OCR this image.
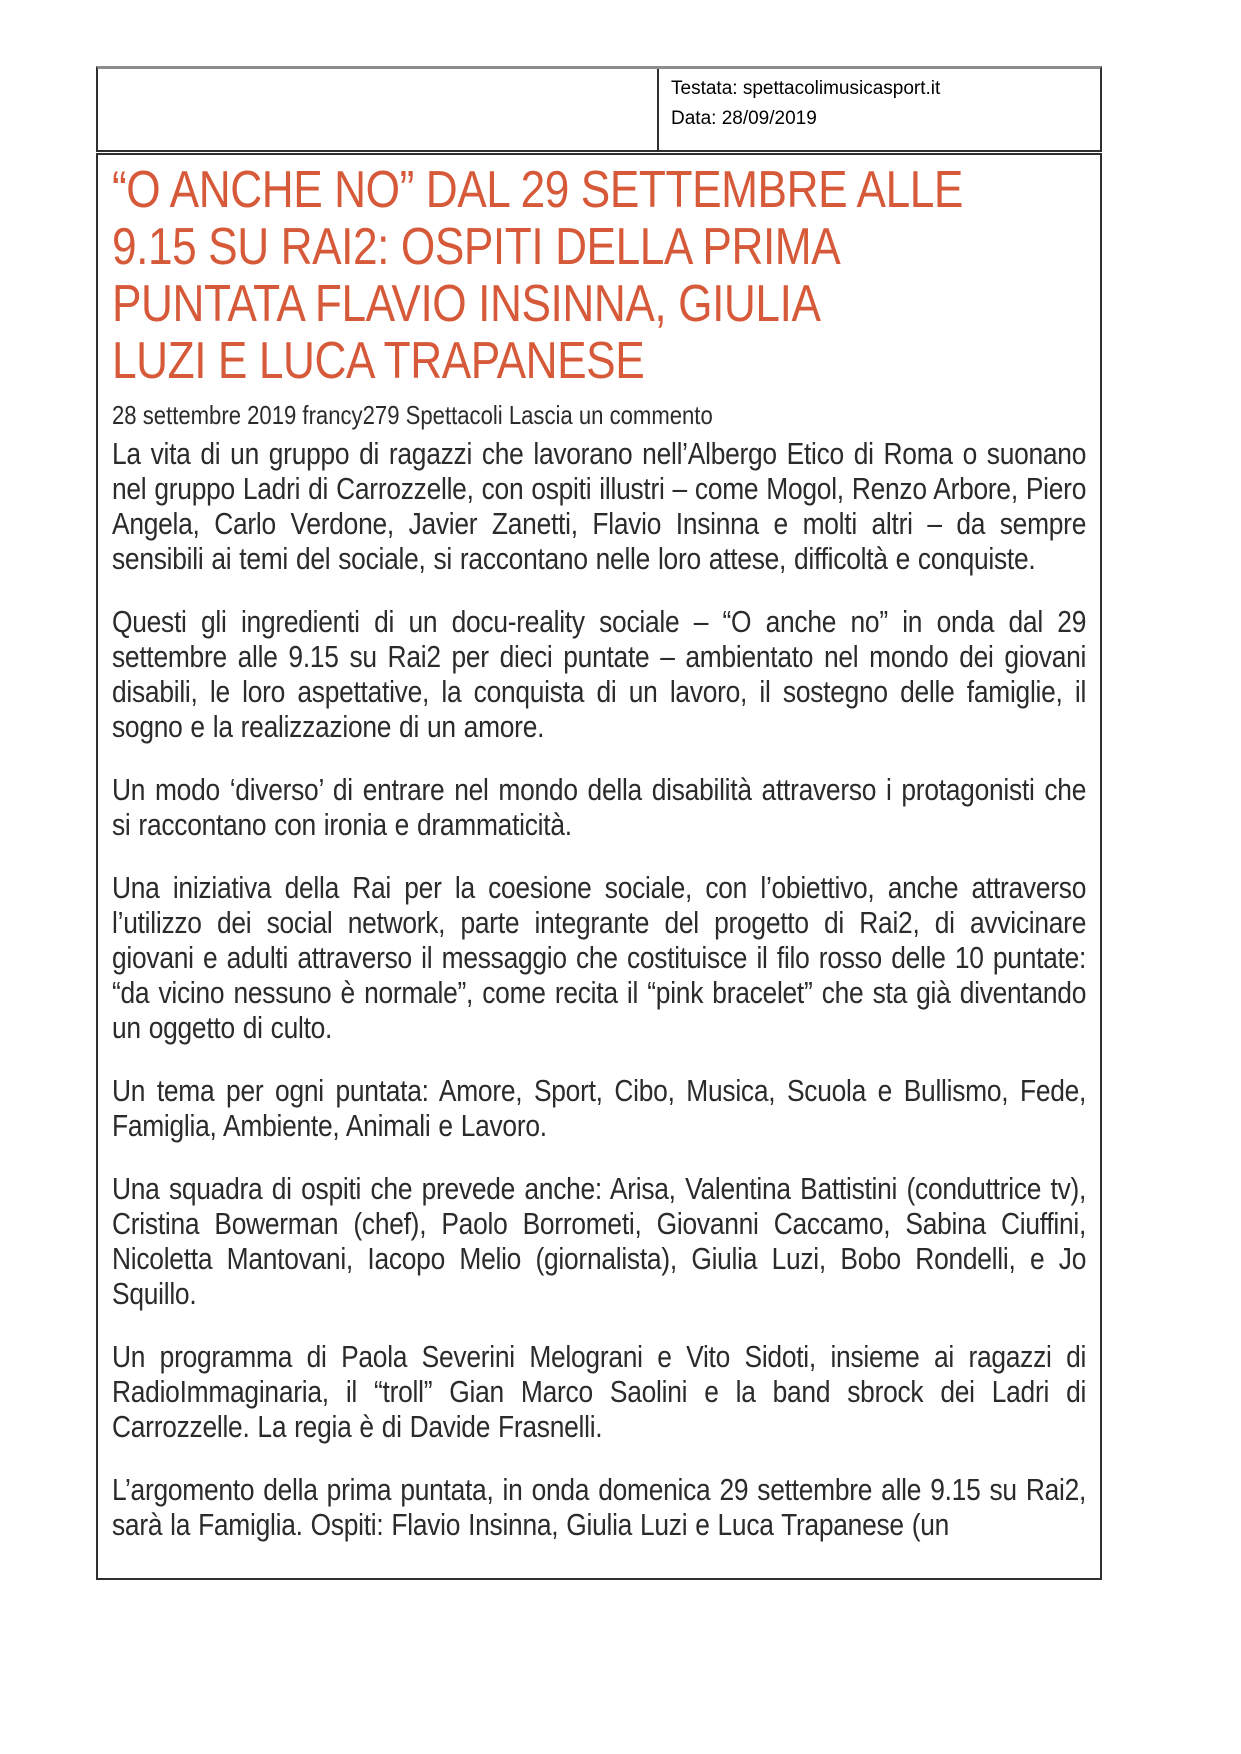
Testata: spettacolimusicasport.it
Data: 28/09/2019
“O ANCHE NO” DAL 29 SETTEMBRE ALLE
9.15 SU RAI2: OSPITI DELLA PRIMA
PUNTATA FLAVIO INSINNA, GIULIA
LUZI E LUCA TRAPANESE
28 settembre 2019 francy279 Spettacoli Lascia un commento

La vita di un gruppo di ragazzi che lavorano nell’Albergo Etico di Roma o suonano nel gruppo Ladri di Carrozzelle, con ospiti illustri – come Mogol, Renzo Arbore, Piero Angela, Carlo Verdone, Javier Zanetti, Flavio Insinna e molti altri – da sempre sensibili ai temi del sociale, si raccontano nelle loro attese, difficoltà e conquiste.

Questi gli ingredienti di un docu-reality sociale – “O anche no” in onda dal 29 settembre alle 9.15 su Rai2 per dieci puntate – ambientato nel mondo dei giovani disabili, le loro aspettative, la conquista di un lavoro, il sostegno delle famiglie, il sogno e la realizzazione di un amore.

Un modo ‘diverso’ di entrare nel mondo della disabilità attraverso i protagonisti che si raccontano con ironia e drammaticità.

Una iniziativa della Rai per la coesione sociale, con l’obiettivo, anche attraverso l’utilizzo dei social network, parte integrante del progetto di Rai2, di avvicinare giovani e adulti attraverso il messaggio che costituisce il filo rosso delle 10 puntate: “da vicino nessuno è normale”, come recita il “pink bracelet” che sta già diventando un oggetto di culto.

Un tema per ogni puntata: Amore, Sport, Cibo, Musica, Scuola e Bullismo, Fede, Famiglia, Ambiente, Animali e Lavoro.

Una squadra di ospiti che prevede anche: Arisa, Valentina Battistini (conduttrice tv), Cristina Bowerman (chef), Paolo Borrometi, Giovanni Caccamo, Sabina Ciuffini, Nicoletta Mantovani, Iacopo Melio (giornalista), Giulia Luzi, Bobo Rondelli, e Jo Squillo.

Un programma di Paola Severini Melograni e Vito Sidoti, insieme ai ragazzi di RadioImmaginaria, il “troll” Gian Marco Saolini e la band sbrock dei Ladri di Carrozzelle. La regia è di Davide Frasnelli.

L’argomento della prima puntata, in onda domenica 29 settembre alle 9.15 su Rai2, sarà la Famiglia. Ospiti: Flavio Insinna, Giulia Luzi e Luca Trapanese (un
